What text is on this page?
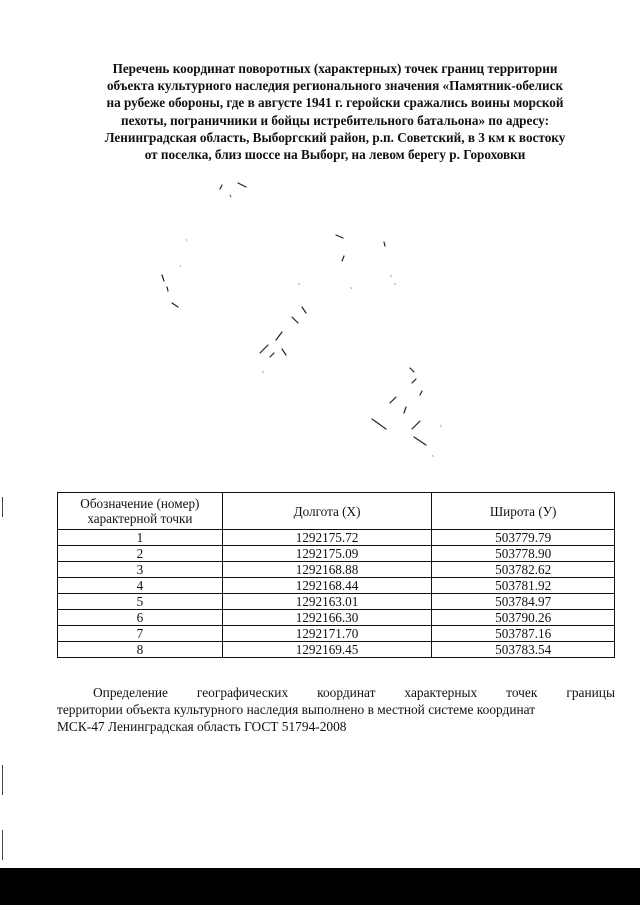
Перечень координат поворотных (характерных) точек границ территории
объекта культурного наследия регионального значения «Памятник-обелиск
на рубеже обороны, где в августе 1941 г. геройски сражались воины морской
пехоты, пограничники и бойцы истребительного батальона» по адресу:
Ленинградская область, Выборгский район, р.п. Советский, в 3 км к востоку
от поселка, близ шоссе на Выборг, на левом берегу р. Гороховки
Обозначение (номер) характерной точки	Долгота (Х)	Широта (У)
1	1292175.72	503779.79
2	1292175.09	503778.90
3	1292168.88	503782.62
4	1292168.44	503781.92
5	1292163.01	503784.97
6	1292166.30	503790.26
7	1292171.70	503787.16
8	1292169.45	503783.54
Определение географических координат характерных точек границы
территории объекта культурного наследия выполнено в местной системе координат
МСК-47 Ленинградская область ГОСТ 51794-2008
